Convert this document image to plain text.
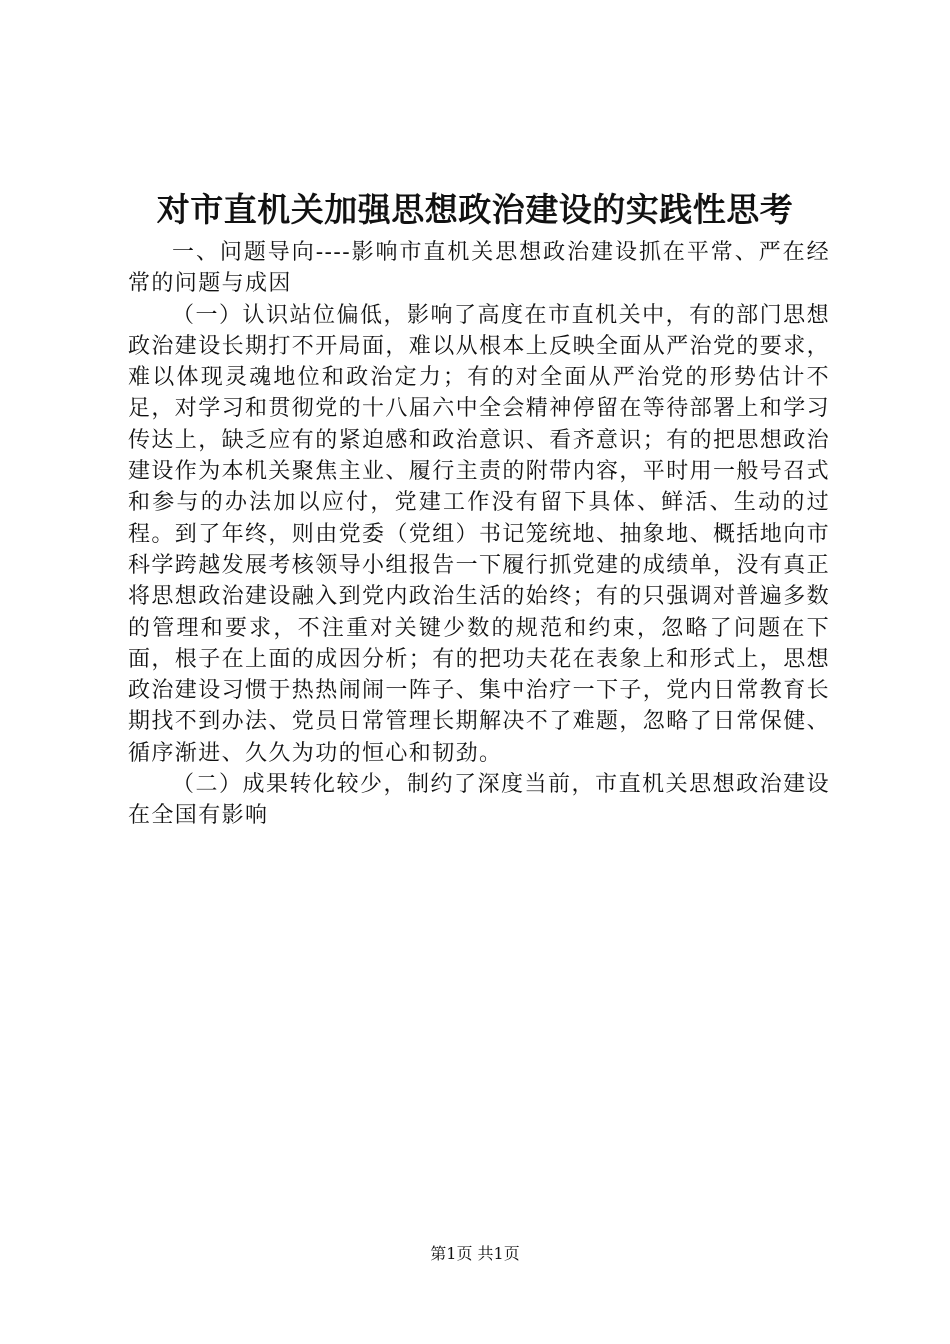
对市直机关加强思想政治建设的实践性思考

一、问题导向----影响市直机关思想政治建设抓在平常、严在经常的问题与成因

（一）认识站位偏低，影响了高度在市直机关中，有的部门思想政治建设长期打不开局面，难以从根本上反映全面从严治党的要求，难以体现灵魂地位和政治定力；有的对全面从严治党的形势估计不足，对学习和贯彻党的十八届六中全会精神停留在等待部署上和学习传达上，缺乏应有的紧迫感和政治意识、看齐意识；有的把思想政治建设作为本机关聚焦主业、履行主责的附带内容，平时用一般号召式和参与的办法加以应付，党建工作没有留下具体、鲜活、生动的过程。到了年终，则由党委（党组）书记笼统地、抽象地、概括地向市科学跨越发展考核领导小组报告一下履行抓党建的成绩单，没有真正将思想政治建设融入到党内政治生活的始终；有的只强调对普遍多数的管理和要求，不注重对关键少数的规范和约束，忽略了问题在下面，根子在上面的成因分析；有的把功夫花在表象上和形式上，思想政治建设习惯于热热闹闹一阵子、集中治疗一下子，党内日常教育长期找不到办法、党员日常管理长期解决不了难题，忽略了日常保健、循序渐进、久久为功的恒心和韧劲。

（二）成果转化较少，制约了深度当前，市直机关思想政治建设在全国有影响

第1页 共1页
